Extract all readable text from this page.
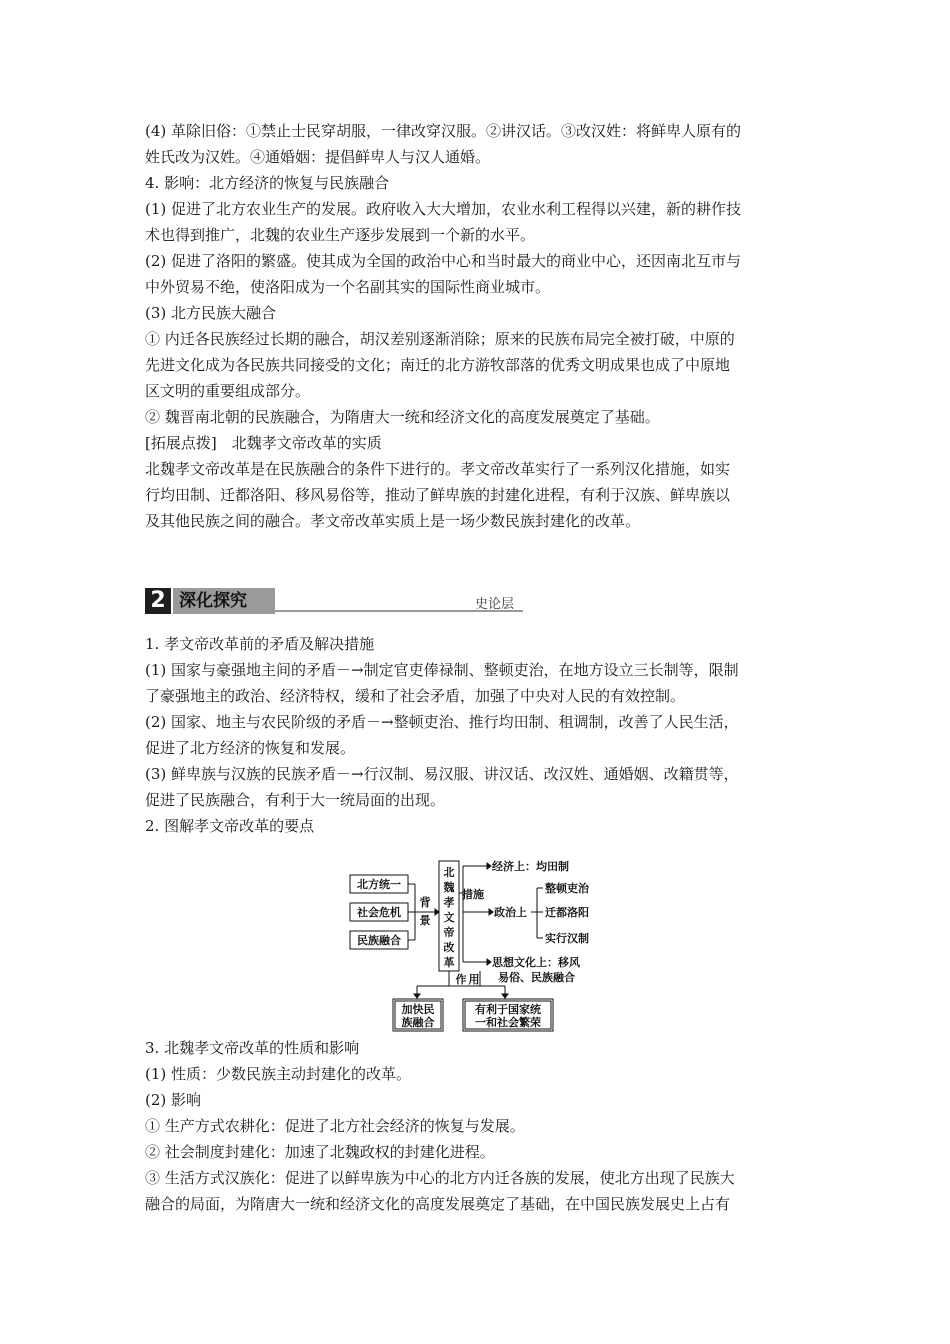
(4) 革除旧俗：①禁止士民穿胡服，一律改穿汉服。②讲汉话。③改汉姓：将鲜卑人原有的
姓氏改为汉姓。④通婚姻：提倡鲜卑人与汉人通婚。
4. 影响：北方经济的恢复与民族融合
(1) 促进了北方农业生产的发展。政府收入大大增加，农业水利工程得以兴建，新的耕作技
术也得到推广，北魏的农业生产逐步发展到一个新的水平。
(2) 促进了洛阳的繁盛。使其成为全国的政治中心和当时最大的商业中心，还因南北互市与
中外贸易不绝，使洛阳成为一个名副其实的国际性商业城市。
(3) 北方民族大融合
① 内迁各民族经过长期的融合，胡汉差别逐渐消除；原来的民族布局完全被打破，中原的
先进文化成为各民族共同接受的文化；南迁的北方游牧部落的优秀文明成果也成了中原地
区文明的重要组成部分。
② 魏晋南北朝的民族融合，为隋唐大一统和经济文化的高度发展奠定了基础。
[拓展点拨]　北魏孝文帝改革的实质
北魏孝文帝改革是在民族融合的条件下进行的。孝文帝改革实行了一系列汉化措施，如实
行均田制、迁都洛阳、移风易俗等，推动了鲜卑族的封建化进程，有利于汉族、鲜卑族以
及其他民族之间的融合。孝文帝改革实质上是一场少数民族封建化的改革。
2 深化探究	史论层
1. 孝文帝改革前的矛盾及解决措施
(1) 国家与豪强地主间的矛盾－→制定官吏俸禄制、整顿吏治，在地方设立三长制等，限制
了豪强地主的政治、经济特权，缓和了社会矛盾，加强了中央对人民的有效控制。
(2) 国家、地主与农民阶级的矛盾－→整顿吏治、推行均田制、租调制，改善了人民生活，
促进了北方经济的恢复和发展。
(3) 鲜卑族与汉族的民族矛盾－→行汉制、易汉服、讲汉话、改汉姓、通婚姻、改籍贯等，
促进了民族融合，有利于大一统局面的出现。
2. 图解孝文帝改革的要点
北方统一
社会危机
民族融合
背
景
北
魏
孝
文
帝
改
革
措施
经济上：均田制
政治上
整顿吏治
迁都洛阳
实行汉制
思想文化上：移风
易俗、民族融合
作 用
加快民
族融合
有利于国家统
一和社会繁荣
3. 北魏孝文帝改革的性质和影响
(1) 性质：少数民族主动封建化的改革。
(2) 影响
① 生产方式农耕化：促进了北方社会经济的恢复与发展。
② 社会制度封建化：加速了北魏政权的封建化进程。
③ 生活方式汉族化：促进了以鲜卑族为中心的北方内迁各族的发展，使北方出现了民族大
融合的局面，为隋唐大一统和经济文化的高度发展奠定了基础，在中国民族发展史上占有
